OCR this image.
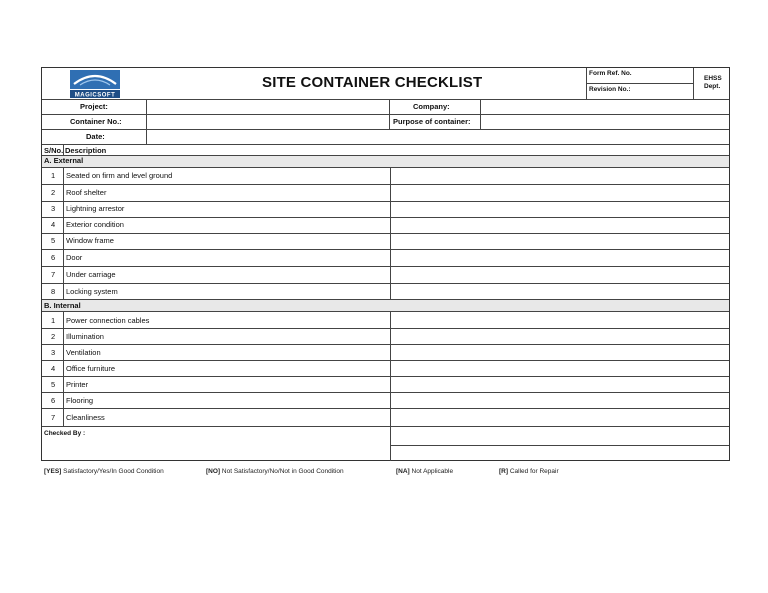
MAGICSOFT
SITE CONTAINER CHECKLIST
Form Ref. No.
Revision No.:
EHSS
Dept.
Project:	Company:
Container No.:	Purpose of container:
Date:
S/No. Description
A. External
1 Seated on firm and level ground
2 Roof shelter
3 Lightning arrestor
4 Exterior condition
5 Window frame
6 Door
7 Under carriage
8 Locking system
B. Internal
1 Power connection cables
2 Illumination
3 Ventilation
4 Office furniture
5 Printer
6 Flooring
7 Cleanliness
Checked By :
[YES] Satisfactory/Yes/In Good Condition	[NO] Not Satisfactory/No/Not in Good Condition	[NA] Not Applicable	[R] Called for Repair
